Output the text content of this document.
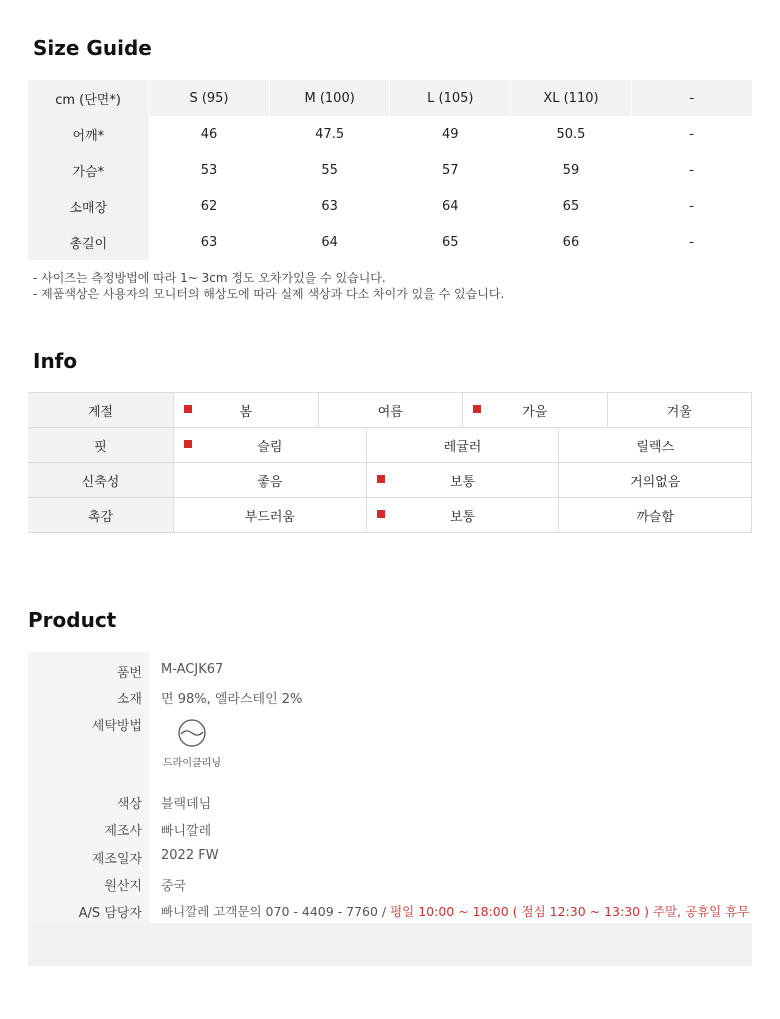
Size Guide
cm (단면*)	S (95)	M (100)	L (105)	XL (110)	-
어깨*	46	47.5	49	50.5	-
가슴*	53	55	57	59	-
소매장	62	63	64	65	-
총길이	63	64	65	66	-
- 사이즈는 측정방법에 따라 1~ 3cm 정도 오차가있을 수 있습니다.
- 제품색상은 사용자의 모니터의 해상도에 따라 실제 색상과 다소 차이가 있을 수 있습니다.
Info
계절	봄	여름	가을	겨울
핏	슬림	레귤러	릴렉스
신축성	좋음	보통	거의없음
촉감	부드러움	보통	까슬함
Product
품번 M-ACJK67
소재 면 98%, 엘라스테인 2%
세탁방법
드라이클리닝
색상 블랙데님
제조사 빠니깔레
제조일자 2022 FW
원산지 중국
A/S 담당자 빠니깔레 고객문의 070 - 4409 - 7760 / 평일 10:00 ~ 18:00 ( 점심 12:30 ~ 13:30 ) 주말, 공휴일 휴무
